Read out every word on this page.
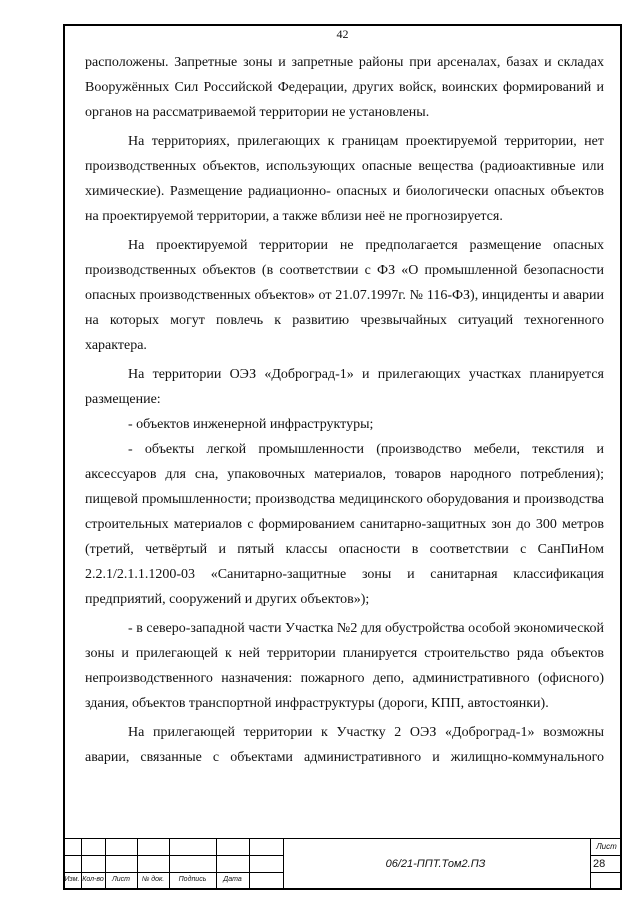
42

расположены. Запретные зоны и запретные районы при арсеналах, базах и складах Вооружённых Сил Российской Федерации, других войск, воинских формирований и органов на рассматриваемой территории не установлены.

На территориях, прилегающих к границам проектируемой территории, нет производственных объектов, использующих опасные вещества (радиоактивные или химические). Размещение радиационно- опасных и биологически опасных объектов на проектируемой территории, а также вблизи неё не прогнозируется.

На проектируемой территории не предполагается размещение опасных производственных объектов (в соответствии с ФЗ «О промышленной безопасности опасных производственных объектов» от 21.07.1997г. № 116-ФЗ), инциденты и аварии на которых могут повлечь к развитию чрезвычайных ситуаций техногенного характера.

На территории ОЭЗ «Доброград-1» и прилегающих участках планируется размещение:

- объектов инженерной инфраструктуры;

- объекты легкой промышленности (производство мебели, текстиля и аксессуаров для сна, упаковочных материалов, товаров народного потребления); пищевой промышленности; производства медицинского оборудования и производства строительных материалов с формированием санитарно-защитных зон до 300 метров (третий, четвёртый и пятый классы опасности в соответствии с СанПиНом 2.2.1/2.1.1.1200-03 «Санитарно-защитные зоны и санитарная классификация предприятий, сооружений и других объектов»);

- в северо-западной части Участка №2 для обустройства особой экономической зоны и прилегающей к ней территории планируется строительство ряда объектов непроизводственного назначения: пожарного депо, административного (офисного) здания, объектов транспортной инфраструктуры (дороги, КПП, автостоянки).

На прилегающей территории к Участку 2 ОЭЗ «Доброград-1» возможны аварии, связанные с объектами административного и жилищно-коммунального

Изм. Кол-во	Лист	№ док.	Подпись	Дата
06/21-ППТ.Том2.ПЗ
Лист
28
